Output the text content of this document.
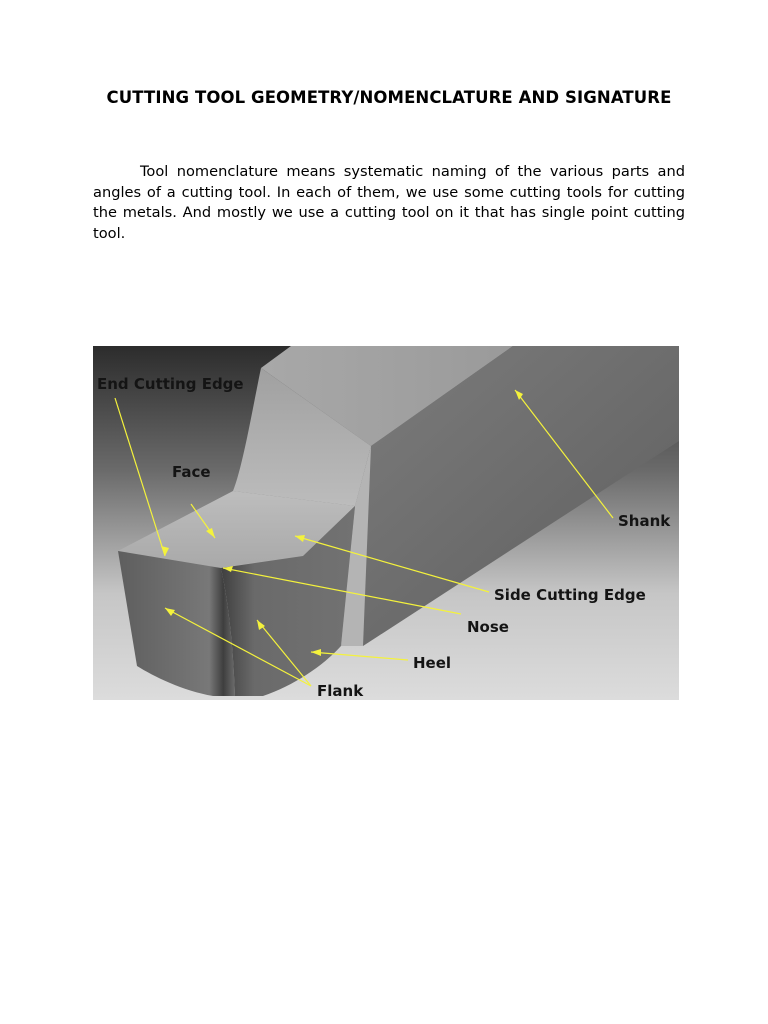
CUTTING TOOL GEOMETRY/NOMENCLATURE AND SIGNATURE

Tool nomenclature means systematic naming of the various parts and angles of a cutting tool. In each of them, we use some cutting tools for cutting the metals. And mostly we use a cutting tool on it that has single point cutting tool.

End Cutting Edge
Face
Shank
Side Cutting Edge
Nose
Heel
Flank
